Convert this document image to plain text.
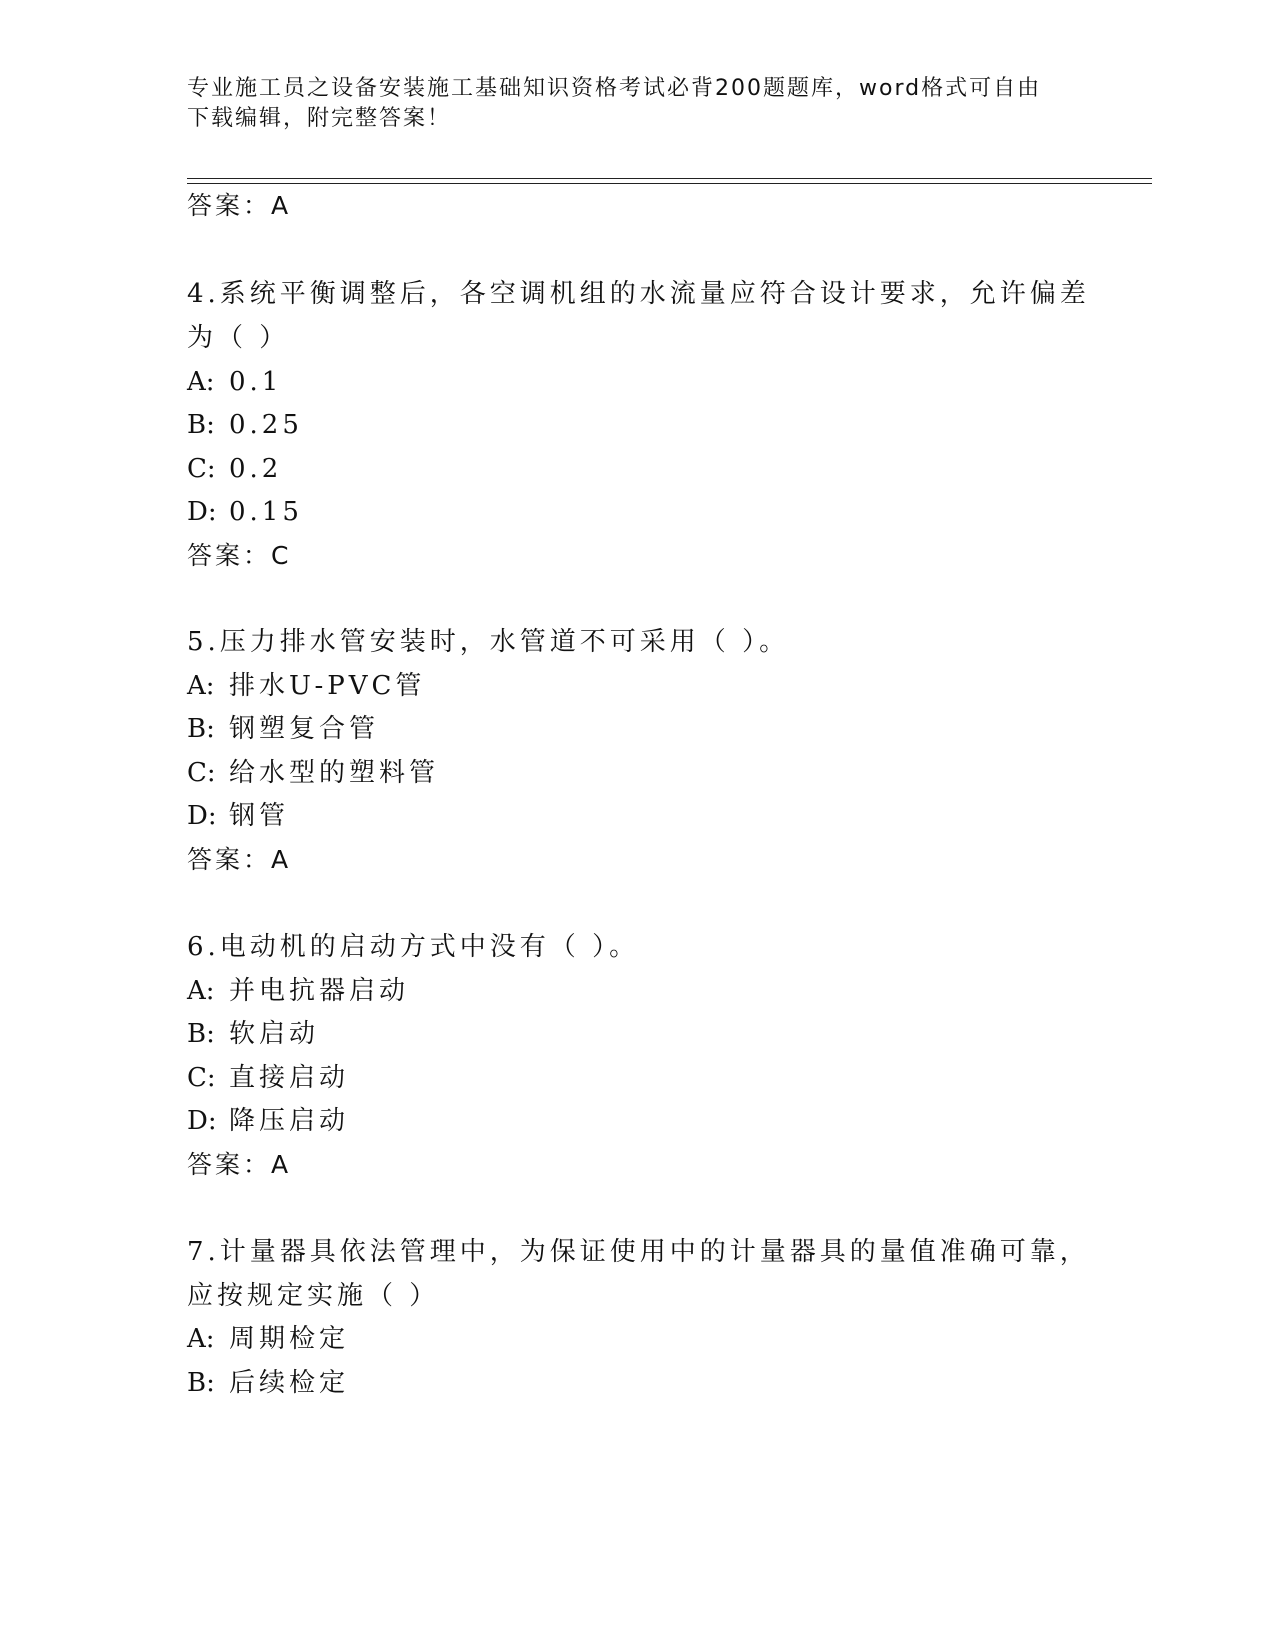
专业施工员之设备安装施工基础知识资格考试必背200题题库，word格式可自由
下载编辑，附完整答案！
答案：A
4.系统平衡调整后，各空调机组的水流量应符合设计要求，允许偏差
为（ ）
A: 0.1
B: 0.25
C: 0.2
D: 0.15
答案：C
5.压力排水管安装时，水管道不可采用（ ）。
A: 排水U-PVC管
B: 钢塑复合管
C: 给水型的塑料管
D: 钢管
答案：A
6.电动机的启动方式中没有（ ）。
A: 并电抗器启动
B: 软启动
C: 直接启动
D: 降压启动
答案：A
7.计量器具依法管理中，为保证使用中的计量器具的量值准确可靠，
应按规定实施（ ）
A: 周期检定
B: 后续检定
